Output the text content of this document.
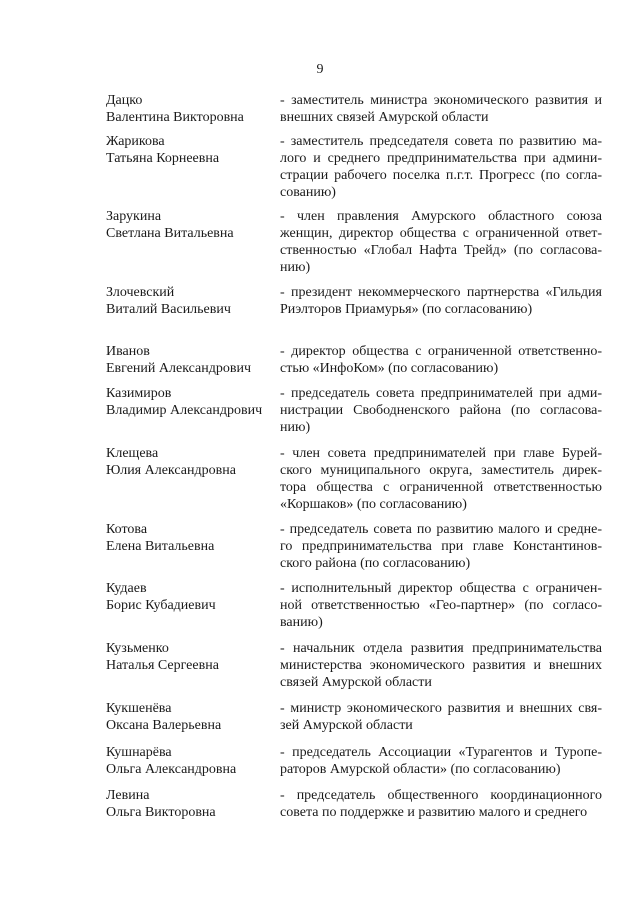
9
Дацко
Валентина Викторовна
- заместитель министра экономического развития и
внешних связей Амурской области
Жарикова
Татьяна Корнеевна
- заместитель председателя совета по развитию ма-
лого и среднего предпринимательства при админи-
страции рабочего поселка п.г.т. Прогресс (по согла-
сованию)
Зарукина
Светлана Витальевна
- член правления Амурского областного союза
женщин, директор общества с ограниченной ответ-
ственностью «Глобал Нафта Трейд» (по согласова-
нию)
Злочевский
Виталий Васильевич
- президент некоммерческого партнерства «Гильдия
Риэлторов Приамурья» (по согласованию)
Иванов
Евгений Александрович
- директор общества с ограниченной ответственно-
стью «ИнфоКом» (по согласованию)
Казимиров
Владимир Александрович
- председатель совета предпринимателей при адми-
нистрации Свободненского района (по согласова-
нию)
Клещева
Юлия Александровна
- член совета предпринимателей при главе Бурей-
ского муниципального округа, заместитель дирек-
тора общества с ограниченной ответственностью
«Коршаков» (по согласованию)
Котова
Елена Витальевна
- председатель совета по развитию малого и средне-
го предпринимательства при главе Константинов-
ского района (по согласованию)
Кудаев
Борис Кубадиевич
- исполнительный директор общества с ограничен-
ной ответственностью «Гео-партнер» (по согласо-
ванию)
Кузьменко
Наталья Сергеевна
- начальник отдела развития предпринимательства
министерства экономического развития и внешних
связей Амурской области
Кукшенёва
Оксана Валерьевна
- министр экономического развития и внешних свя-
зей Амурской области
Кушнарёва
Ольга Александровна
- председатель Ассоциации «Турагентов и Туропе-
раторов Амурской области» (по согласованию)
Левина
Ольга Викторовна
- председатель общественного координационного
совета по поддержке и развитию малого и среднего
